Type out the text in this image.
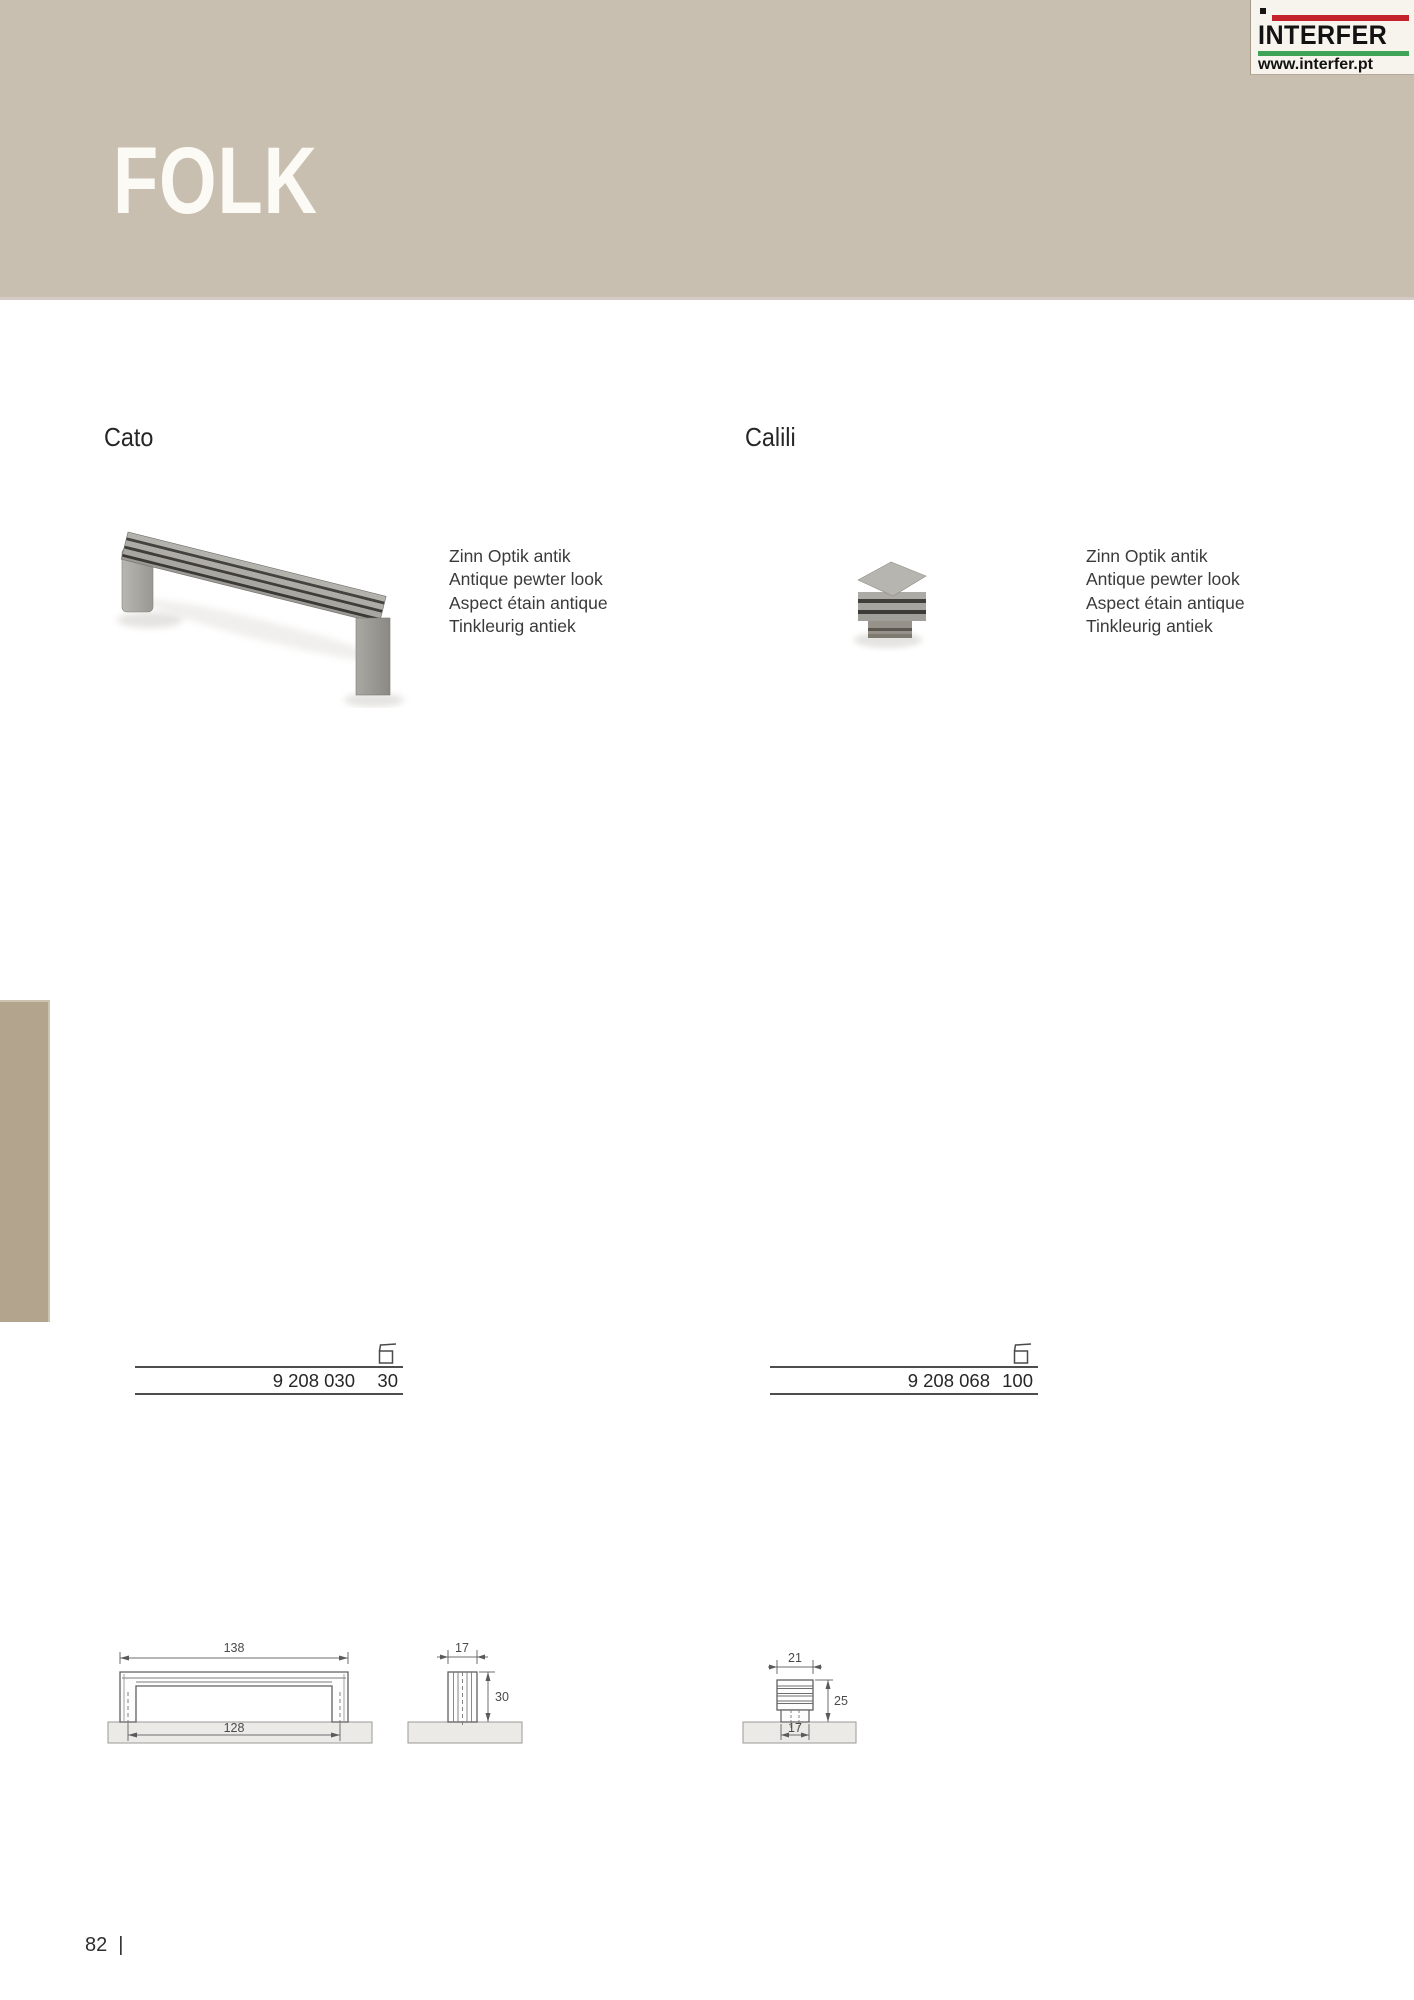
FOLK
INTERFER
www.interfer.pt
Cato	Calili
Zinn Optik antik
Antique pewter look
Aspect étain antique
Tinkleurig antiek
Zinn Optik antik
Antique pewter look
Aspect étain antique
Tinkleurig antiek
9 208 030	30	9 208 068 100
138
128
17
30
21
25
17
82 |
